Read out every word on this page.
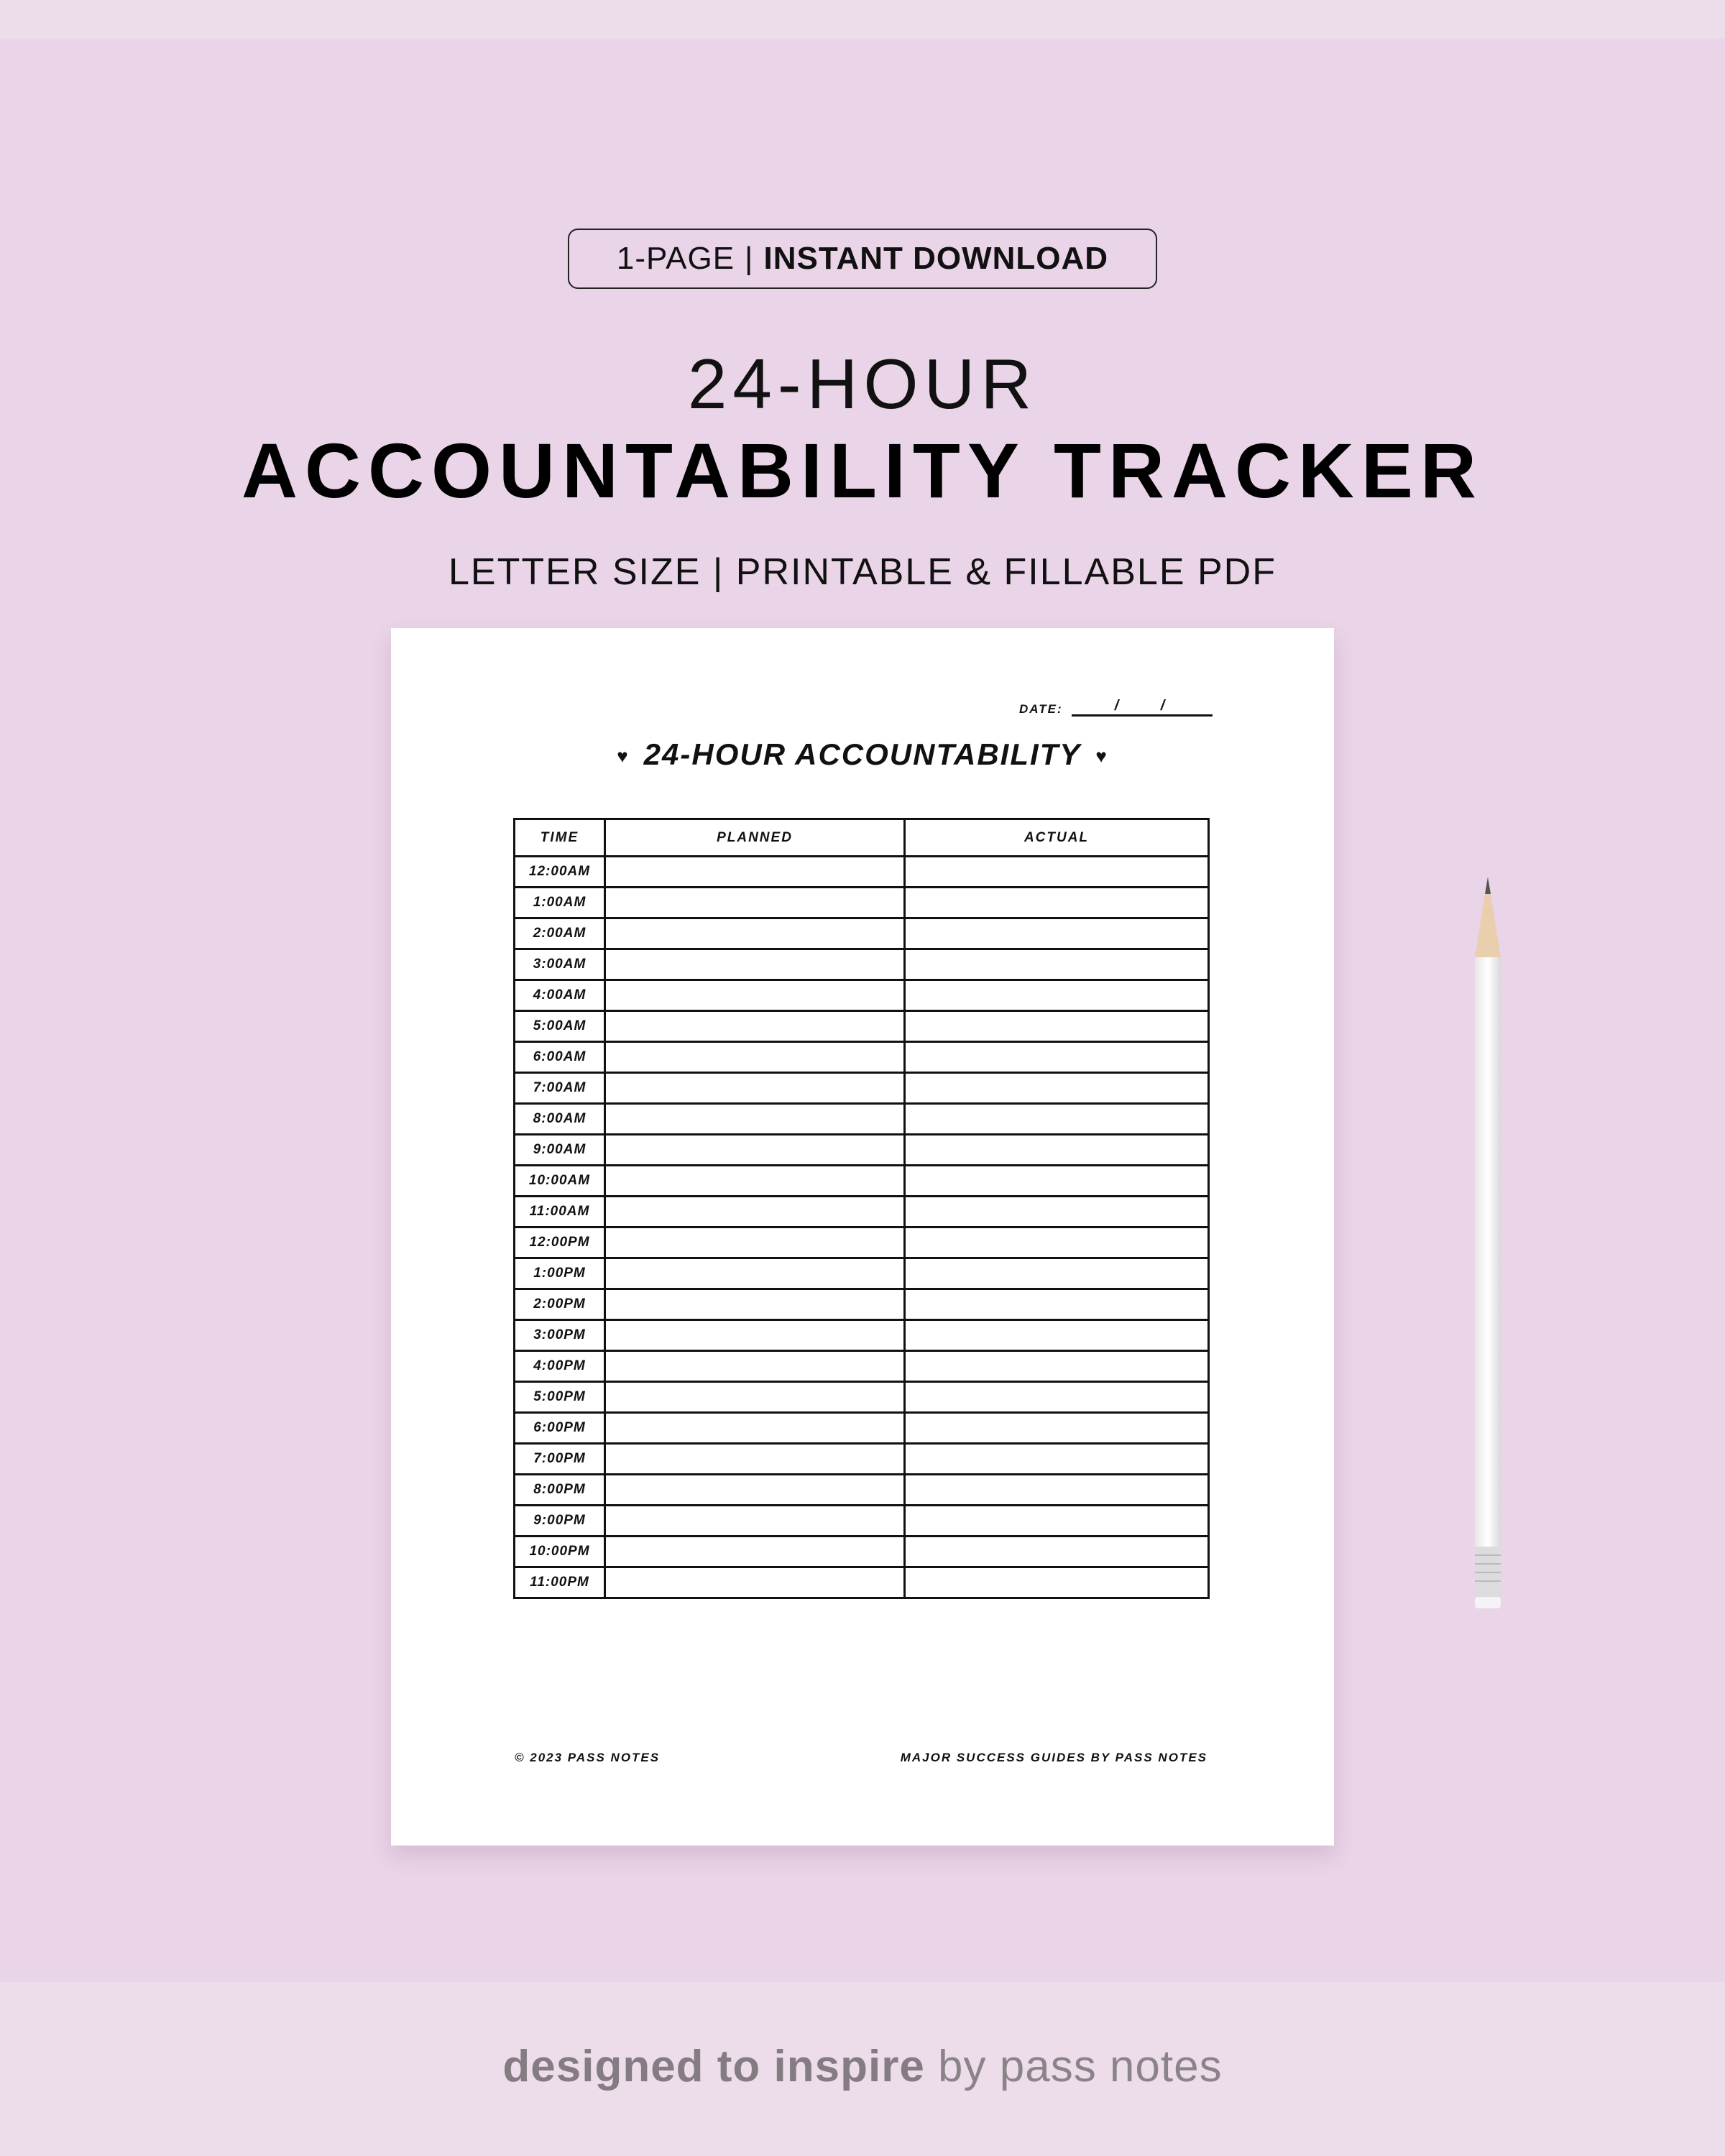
1-PAGE | INSTANT DOWNLOAD
24-HOUR
ACCOUNTABILITY TRACKER
LETTER SIZE | PRINTABLE & FILLABLE PDF
DATE:	/	/
♥ 24-HOUR ACCOUNTABILITY ♥
TIME	PLANNED	ACTUAL
12:00AM		
1:00AM		
2:00AM		
3:00AM		
4:00AM		
5:00AM		
6:00AM		
7:00AM		
8:00AM		
9:00AM		
10:00AM		
11:00AM		
12:00PM		
1:00PM		
2:00PM		
3:00PM		
4:00PM		
5:00PM		
6:00PM		
7:00PM		
8:00PM		
9:00PM		
10:00PM		
11:00PM		
© 2023 PASS NOTES	MAJOR SUCCESS GUIDES BY PASS NOTES
designed to inspire by pass notes
